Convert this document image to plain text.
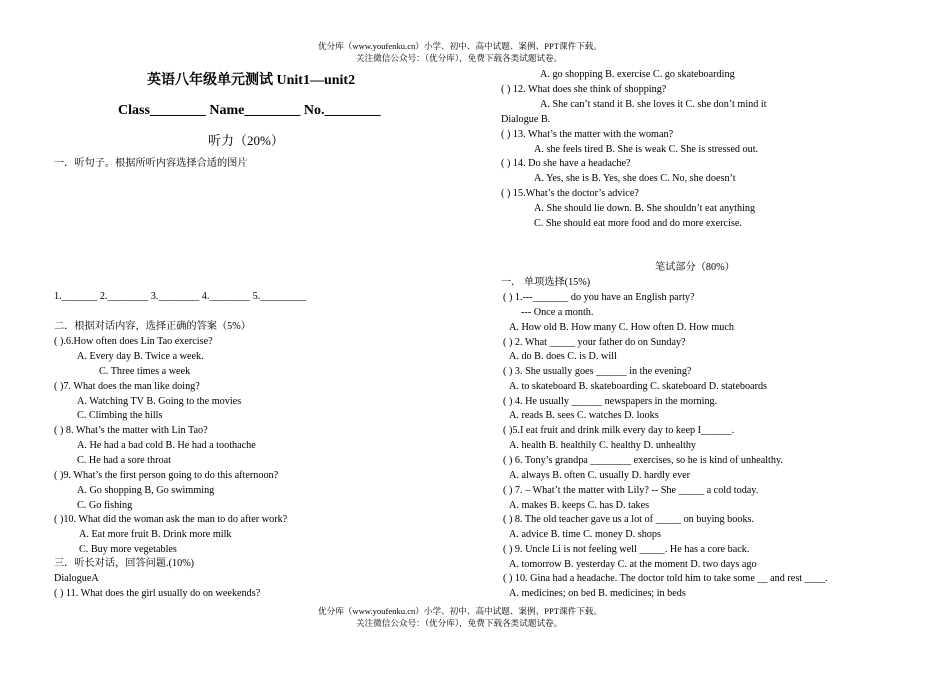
优分库（www.youfenku.cn）小学、初中、高中试题、案例、PPT课件下载。
关注微信公众号：（优分库），免费下载各类试题试卷。
英语八年级单元测试 Unit1—unit2
Class________ Name________ No.________
听力（20%）
一．听句子。根据所听内容选择合适的图片
1._______ 2.________ 3.________ 4.________ 5._________
二．根据对话内容，选择正确的答案（5%）
( ).6.How often does Lin Tao exercise?
A. Every day B. Twice a week.
C. Three times a week
( )7. What does the man like doing?
A. Watching TV B. Going to the movies
C. Climbing the hills
( ) 8. What’s the matter with Lin Tao?
A. He had a bad cold B. He had a toothache
C. He had a sore throat
( )9. What’s the first person going to do this afternoon?
A. Go shopping B, Go swimming
C. Go fishing
( )10. What did the woman ask the man to do after work?
A. Eat more fruit B. Drink more milk
C. Buy more vegetables
三．听长对话，回答问题.(10%)
DialogueA
( ) 11. What does the girl usually do on weekends?
A. go shopping B. exercise C. go skateboarding
( ) 12. What does she think of shopping?
A. She can’t stand it B. she loves it C. she don’t mind it
Dialogue B.
( ) 13. What’s the matter with the woman?
A. she feels tired B. She is weak C. She is stressed out.
( ) 14. Do she have a headache?
A. Yes, she is B. Yes, she does C. No, she doesn’t
( ) 15.What’s the doctor’s advice?
A. She should lie down. B. She shouldn’t eat anything
C. She should eat more food and do more exercise.
笔试部分（80%）
一． 单项选择(15%)
( ) 1.---_______ do you have an English party?
--- Once a month.
A. How old B. How many C. How often D. How much
( ) 2. What _____ your father do on Sunday?
A. do B. does C. is D. will
( ) 3. She usually goes ______ in the evening?
A. to skateboard B. skateboarding C. skateboard D. stateboards
( ) 4. He usually ______ newspapers in the morning.
A. reads B. sees C. watches D. looks
( )5.I eat fruit and drink milk every day to keep I______.
A. health B. healthily C. healthy D. unhealthy
( ) 6. Tony’s grandpa ________ exercises, so he is kind of unhealthy.
A. always B. often C. usually D. hardly ever
( ) 7. – What’t the matter with Lily? -- She _____ a cold today.
A. makes B. keeps C. has D. takes
( ) 8. The old teacher gave us a lot of _____ on buying books.
A. advice B. time C. money D. shops
( ) 9. Uncle Li is not feeling well _____. He has a core back.
A. tomorrow B. yesterday C. at the moment D. two days ago
( ) 10. Gina had a headache. The doctor told him to take some __ and rest ____.
A. medicines; on bed B. medicines; in beds
优分库（www.youfenku.cn）小学、初中、高中试题、案例、PPT课件下载。
关注微信公众号：（优分库），免费下载各类试题试卷。
